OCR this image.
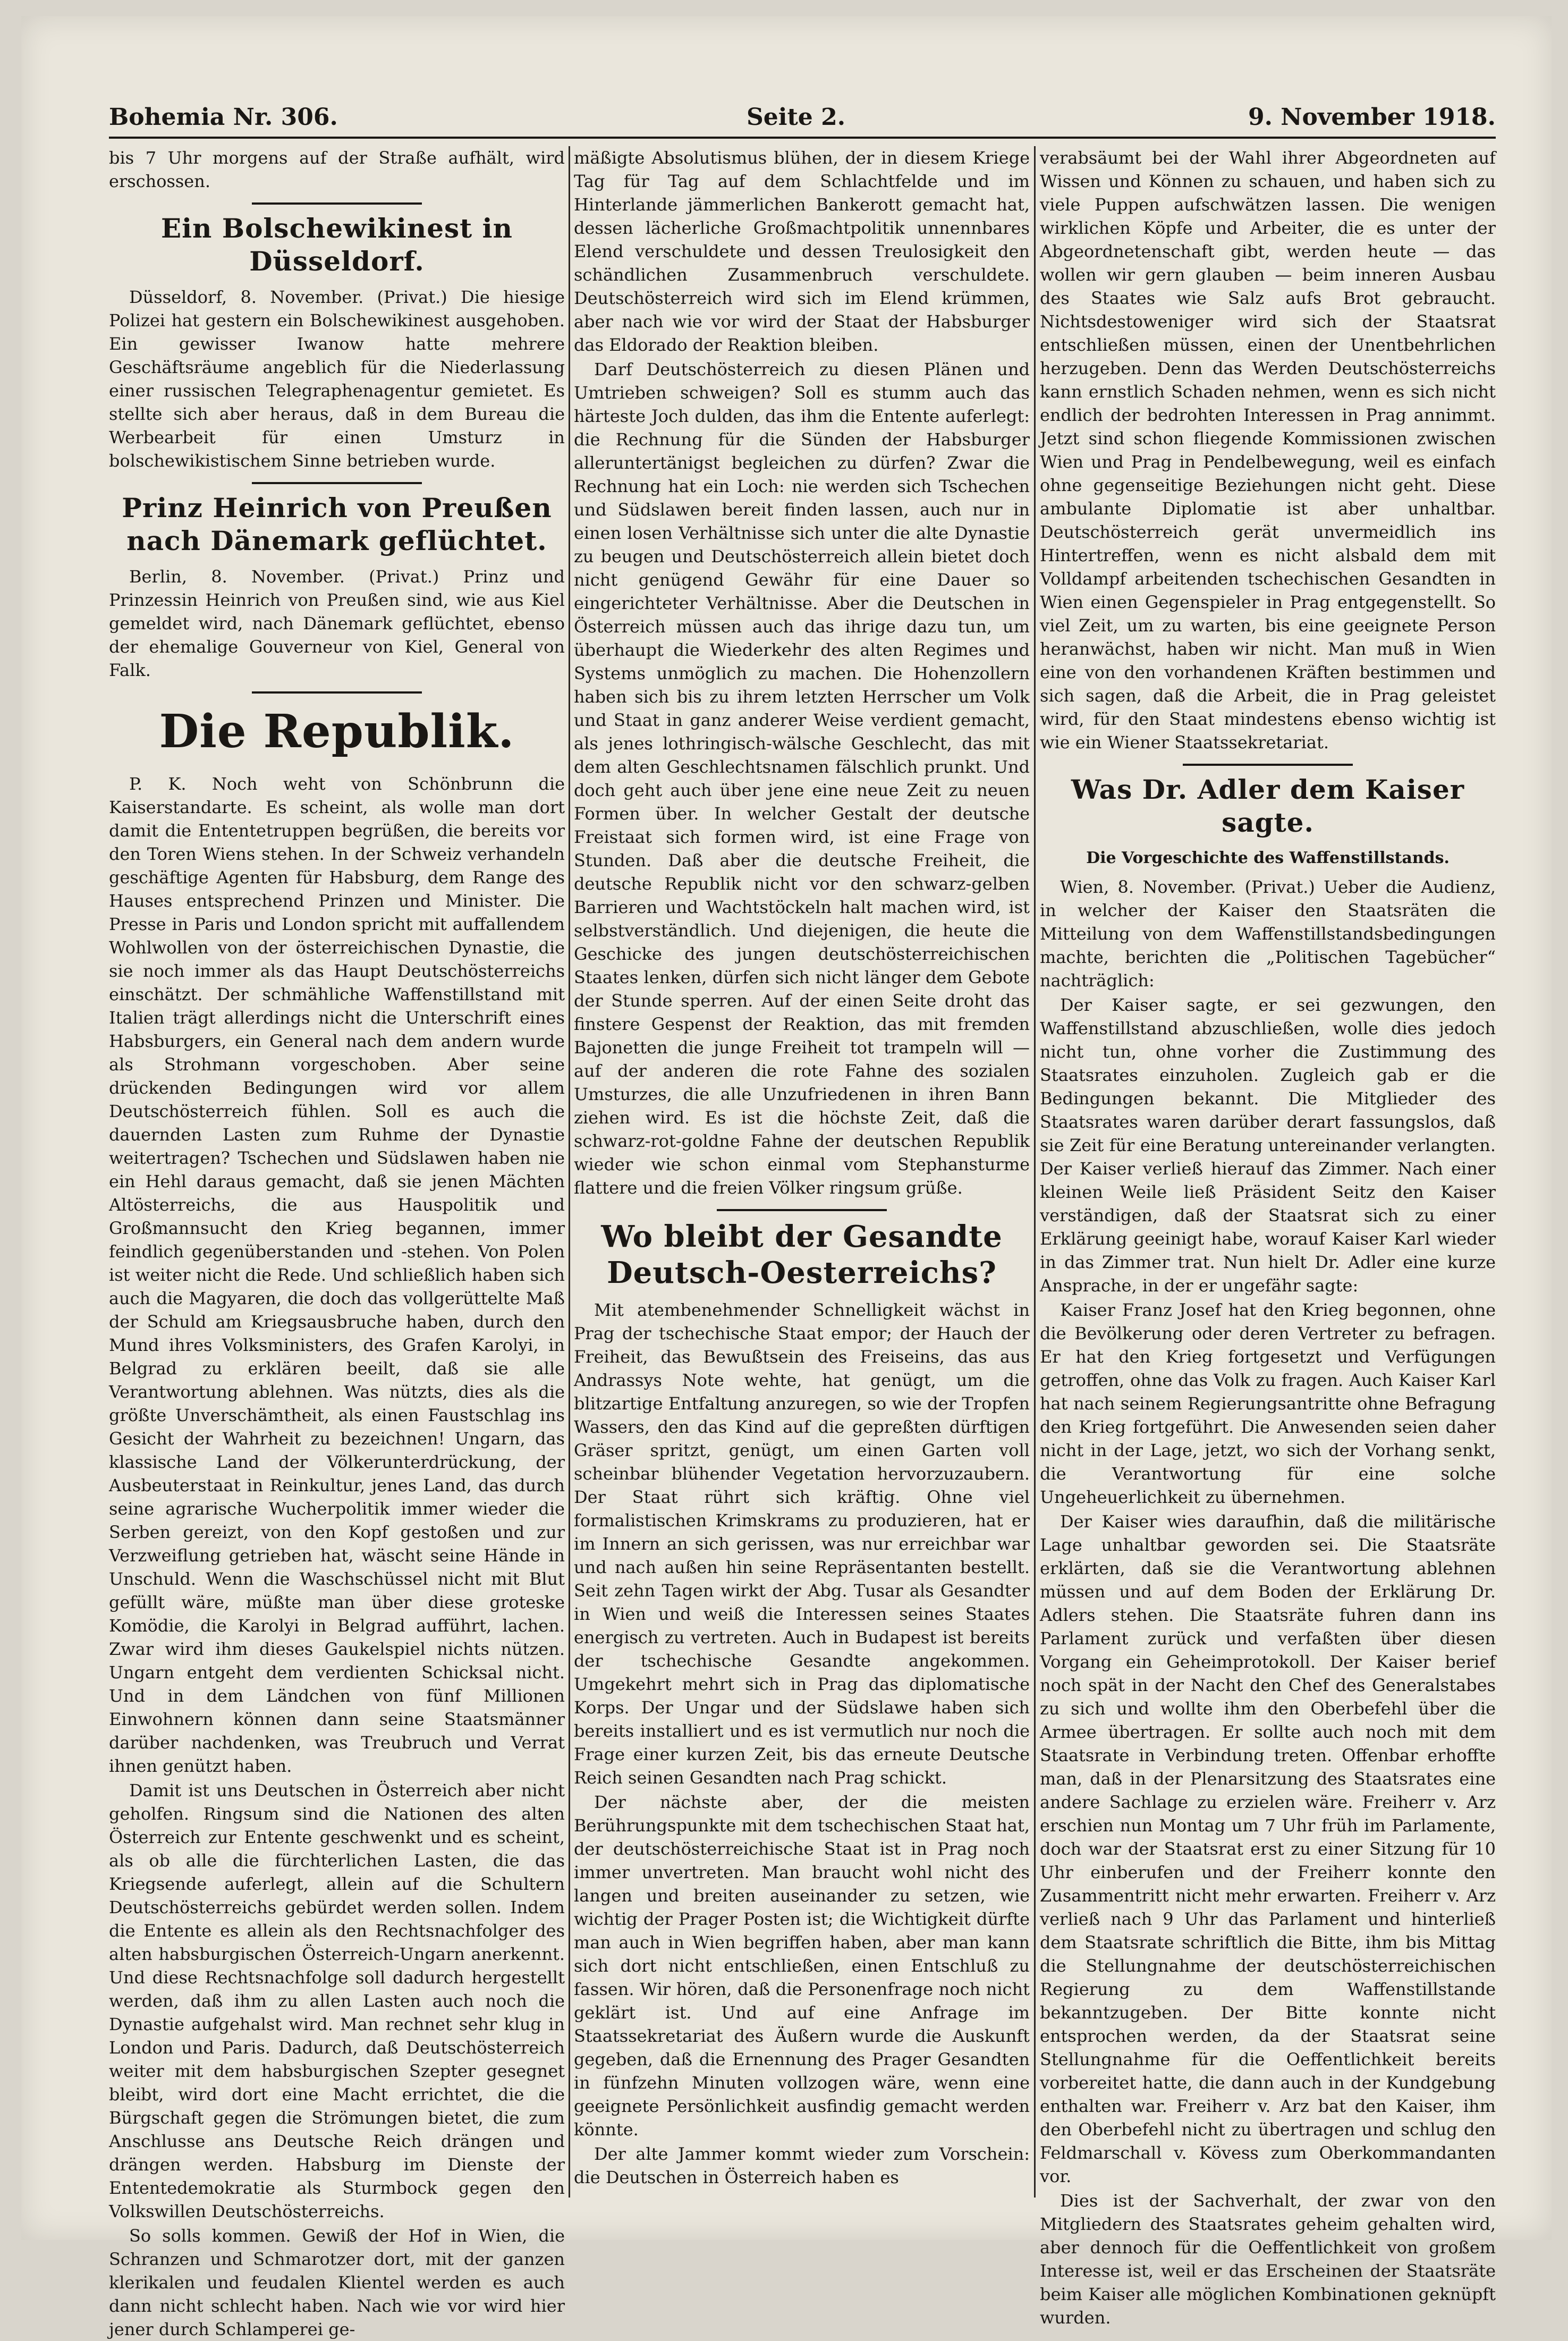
Bohemia Nr. 306.	Seite 2.	9. November 1918.

bis 7 Uhr morgens auf der Straße aufhält, wird erschossen.

Ein Bolschewikinest in Düsseldorf.

Düsseldorf, 8. November. (Privat.) Die hiesige Polizei hat gestern ein Bolschewikinest ausgehoben. Ein gewisser Iwanow hatte mehrere Geschäftsräume angeblich für die Niederlassung einer russischen Telegraphenagentur gemietet. Es stellte sich aber heraus, daß in dem Bureau die Werbearbeit für einen Umsturz in bolschewikistischem Sinne betrieben wurde.

Prinz Heinrich von Preußen nach Dänemark geflüchtet.

Berlin, 8. November. (Privat.) Prinz und Prinzessin Heinrich von Preußen sind, wie aus Kiel gemeldet wird, nach Dänemark geflüchtet, ebenso der ehemalige Gouverneur von Kiel, General von Falk.

Die Republik.

P. K. Noch weht von Schönbrunn die Kaiserstandarte. Es scheint, als wolle man dort damit die Ententetruppen begrüßen, die bereits vor den Toren Wiens stehen. In der Schweiz verhandeln geschäftige Agenten für Habsburg, dem Range des Hauses entsprechend Prinzen und Minister. Die Presse in Paris und London spricht mit auffallendem Wohlwollen von der österreichischen Dynastie, die sie noch immer als das Haupt Deutschösterreichs einschätzt. Der schmähliche Waffenstillstand mit Italien trägt allerdings nicht die Unterschrift eines Habsburgers, ein General nach dem andern wurde als Strohmann vorgeschoben. Aber seine drückenden Bedingungen wird vor allem Deutschösterreich fühlen. Soll es auch die dauernden Lasten zum Ruhme der Dynastie weitertragen? Tschechen und Südslawen haben nie ein Hehl daraus gemacht, daß sie jenen Mächten Altösterreichs, die aus Hauspolitik und Großmannsucht den Krieg begannen, immer feindlich gegenüberstanden und -stehen. Von Polen ist weiter nicht die Rede. Und schließlich haben sich auch die Magyaren, die doch das vollgerüttelte Maß der Schuld am Kriegsausbruche haben, durch den Mund ihres Volksministers, des Grafen Karolyi, in Belgrad zu erklären beeilt, daß sie alle Verantwortung ablehnen. Was nützts, dies als die größte Unverschämtheit, als einen Faustschlag ins Gesicht der Wahrheit zu bezeichnen! Ungarn, das klassische Land der Völkerunterdrückung, der Ausbeuterstaat in Reinkultur, jenes Land, das durch seine agrarische Wucherpolitik immer wieder die Serben gereizt, von den Kopf gestoßen und zur Verzweiflung getrieben hat, wäscht seine Hände in Unschuld. Wenn die Waschschüssel nicht mit Blut gefüllt wäre, müßte man über diese groteske Komödie, die Karolyi in Belgrad aufführt, lachen. Zwar wird ihm dieses Gaukelspiel nichts nützen. Ungarn entgeht dem verdienten Schicksal nicht. Und in dem Ländchen von fünf Millionen Einwohnern können dann seine Staatsmänner darüber nachdenken, was Treubruch und Verrat ihnen genützt haben.

Damit ist uns Deutschen in Österreich aber nicht geholfen. Ringsum sind die Nationen des alten Österreich zur Entente geschwenkt und es scheint, als ob alle die fürchterlichen Lasten, die das Kriegsende auferlegt, allein auf die Schultern Deutschösterreichs gebürdet werden sollen. Indem die Entente es allein als den Rechtsnachfolger des alten habsburgischen Österreich-Ungarn anerkennt. Und diese Rechtsnachfolge soll dadurch hergestellt werden, daß ihm zu allen Lasten auch noch die Dynastie aufgehalst wird. Man rechnet sehr klug in London und Paris. Dadurch, daß Deutschösterreich weiter mit dem habsburgischen Szepter gesegnet bleibt, wird dort eine Macht errichtet, die die Bürgschaft gegen die Strömungen bietet, die zum Anschlusse ans Deutsche Reich drängen und drängen werden. Habsburg im Dienste der Ententedemokratie als Sturmbock gegen den Volkswillen Deutschösterreichs.

So solls kommen. Gewiß der Hof in Wien, die Schranzen und Schmarotzer dort, mit der ganzen klerikalen und feudalen Klientel werden es auch dann nicht schlecht haben. Nach wie vor wird hier jener durch Schlamperei ge-

mäßigte Absolutismus blühen, der in diesem Kriege Tag für Tag auf dem Schlachtfelde und im Hinterlande jämmerlichen Bankerott gemacht hat, dessen lächerliche Großmachtpolitik unnennbares Elend verschuldete und dessen Treulosigkeit den schändlichen Zusammenbruch verschuldete. Deutschösterreich wird sich im Elend krümmen, aber nach wie vor wird der Staat der Habsburger das Eldorado der Reaktion bleiben.

Darf Deutschösterreich zu diesen Plänen und Umtrieben schweigen? Soll es stumm auch das härteste Joch dulden, das ihm die Entente auferlegt: die Rechnung für die Sünden der Habsburger alleruntertänigst begleichen zu dürfen? Zwar die Rechnung hat ein Loch: nie werden sich Tschechen und Südslawen bereit finden lassen, auch nur in einen losen Verhältnisse sich unter die alte Dynastie zu beugen und Deutschösterreich allein bietet doch nicht genügend Gewähr für eine Dauer so eingerichteter Verhältnisse. Aber die Deutschen in Österreich müssen auch das ihrige dazu tun, um überhaupt die Wiederkehr des alten Regimes und Systems unmöglich zu machen. Die Hohenzollern haben sich bis zu ihrem letzten Herrscher um Volk und Staat in ganz anderer Weise verdient gemacht, als jenes lothringisch-wälsche Geschlecht, das mit dem alten Geschlechtsnamen fälschlich prunkt. Und doch geht auch über jene eine neue Zeit zu neuen Formen über. In welcher Gestalt der deutsche Freistaat sich formen wird, ist eine Frage von Stunden. Daß aber die deutsche Freiheit, die deutsche Republik nicht vor den schwarz-gelben Barrieren und Wachtstöckeln halt machen wird, ist selbstverständlich. Und diejenigen, die heute die Geschicke des jungen deutschösterreichischen Staates lenken, dürfen sich nicht länger dem Gebote der Stunde sperren. Auf der einen Seite droht das finstere Gespenst der Reaktion, das mit fremden Bajonetten die junge Freiheit tot trampeln will — auf der anderen die rote Fahne des sozialen Umsturzes, die alle Unzufriedenen in ihren Bann ziehen wird. Es ist die höchste Zeit, daß die schwarz-rot-goldne Fahne der deutschen Republik wieder wie schon einmal vom Stephansturme flattere und die freien Völker ringsum grüße.

Wo bleibt der Gesandte Deutsch-Oesterreichs?

Mit atembenehmender Schnelligkeit wächst in Prag der tschechische Staat empor; der Hauch der Freiheit, das Bewußtsein des Freiseins, das aus Andrassys Note wehte, hat genügt, um die blitzartige Entfaltung anzuregen, so wie der Tropfen Wassers, den das Kind auf die gepreßten dürftigen Gräser spritzt, genügt, um einen Garten voll scheinbar blühender Vegetation hervorzuzaubern. Der Staat rührt sich kräftig. Ohne viel formalistischen Krimskrams zu produzieren, hat er im Innern an sich gerissen, was nur erreichbar war und nach außen hin seine Repräsentanten bestellt. Seit zehn Tagen wirkt der Abg. Tusar als Gesandter in Wien und weiß die Interessen seines Staates energisch zu vertreten. Auch in Budapest ist bereits der tschechische Gesandte angekommen. Umgekehrt mehrt sich in Prag das diplomatische Korps. Der Ungar und der Südslawe haben sich bereits installiert und es ist vermutlich nur noch die Frage einer kurzen Zeit, bis das erneute Deutsche Reich seinen Gesandten nach Prag schickt.

Der nächste aber, der die meisten Berührungspunkte mit dem tschechischen Staat hat, der deutschösterreichische Staat ist in Prag noch immer unvertreten. Man braucht wohl nicht des langen und breiten auseinander zu setzen, wie wichtig der Prager Posten ist; die Wichtigkeit dürfte man auch in Wien begriffen haben, aber man kann sich dort nicht entschließen, einen Entschluß zu fassen. Wir hören, daß die Personenfrage noch nicht geklärt ist. Und auf eine Anfrage im Staatssekretariat des Äußern wurde die Auskunft gegeben, daß die Ernennung des Prager Gesandten in fünfzehn Minuten vollzogen wäre, wenn eine geeignete Persönlichkeit ausfindig gemacht werden könnte.

Der alte Jammer kommt wieder zum Vorschein: die Deutschen in Österreich haben es

verabsäumt bei der Wahl ihrer Abgeordneten auf Wissen und Können zu schauen, und haben sich zu viele Puppen aufschwätzen lassen. Die wenigen wirklichen Köpfe und Arbeiter, die es unter der Abgeordnetenschaft gibt, werden heute — das wollen wir gern glauben — beim inneren Ausbau des Staates wie Salz aufs Brot gebraucht. Nichtsdestoweniger wird sich der Staatsrat entschließen müssen, einen der Unentbehrlichen herzugeben. Denn das Werden Deutschösterreichs kann ernstlich Schaden nehmen, wenn es sich nicht endlich der bedrohten Interessen in Prag annimmt. Jetzt sind schon fliegende Kommissionen zwischen Wien und Prag in Pendelbewegung, weil es einfach ohne gegenseitige Beziehungen nicht geht. Diese ambulante Diplomatie ist aber unhaltbar. Deutschösterreich gerät unvermeidlich ins Hintertreffen, wenn es nicht alsbald dem mit Volldampf arbeitenden tschechischen Gesandten in Wien einen Gegenspieler in Prag entgegenstellt. So viel Zeit, um zu warten, bis eine geeignete Person heranwächst, haben wir nicht. Man muß in Wien eine von den vorhandenen Kräften bestimmen und sich sagen, daß die Arbeit, die in Prag geleistet wird, für den Staat mindestens ebenso wichtig ist wie ein Wiener Staatssekretariat.

Was Dr. Adler dem Kaiser sagte.
Die Vorgeschichte des Waffenstillstands.

Wien, 8. November. (Privat.) Ueber die Audienz, in welcher der Kaiser den Staatsräten die Mitteilung von dem Waffenstillstandsbedingungen machte, berichten die „Politischen Tagebücher“ nachträglich:

Der Kaiser sagte, er sei gezwungen, den Waffenstillstand abzuschließen, wolle dies jedoch nicht tun, ohne vorher die Zustimmung des Staatsrates einzuholen. Zugleich gab er die Bedingungen bekannt. Die Mitglieder des Staatsrates waren darüber derart fassungslos, daß sie Zeit für eine Beratung untereinander verlangten. Der Kaiser verließ hierauf das Zimmer. Nach einer kleinen Weile ließ Präsident Seitz den Kaiser verständigen, daß der Staatsrat sich zu einer Erklärung geeinigt habe, worauf Kaiser Karl wieder in das Zimmer trat. Nun hielt Dr. Adler eine kurze Ansprache, in der er ungefähr sagte:

Kaiser Franz Josef hat den Krieg begonnen, ohne die Bevölkerung oder deren Vertreter zu befragen. Er hat den Krieg fortgesetzt und Verfügungen getroffen, ohne das Volk zu fragen. Auch Kaiser Karl hat nach seinem Regierungsantritte ohne Befragung den Krieg fortgeführt. Die Anwesenden seien daher nicht in der Lage, jetzt, wo sich der Vorhang senkt, die Verantwortung für eine solche Ungeheuerlichkeit zu übernehmen.

Der Kaiser wies daraufhin, daß die militärische Lage unhaltbar geworden sei. Die Staatsräte erklärten, daß sie die Verantwortung ablehnen müssen und auf dem Boden der Erklärung Dr. Adlers stehen. Die Staatsräte fuhren dann ins Parlament zurück und verfaßten über diesen Vorgang ein Geheimprotokoll. Der Kaiser berief noch spät in der Nacht den Chef des Generalstabes zu sich und wollte ihm den Oberbefehl über die Armee übertragen. Er sollte auch noch mit dem Staatsrate in Verbindung treten. Offenbar erhoffte man, daß in der Plenarsitzung des Staatsrates eine andere Sachlage zu erzielen wäre. Freiherr v. Arz erschien nun Montag um 7 Uhr früh im Parlamente, doch war der Staatsrat erst zu einer Sitzung für 10 Uhr einberufen und der Freiherr konnte den Zusammentritt nicht mehr erwarten. Freiherr v. Arz verließ nach 9 Uhr das Parlament und hinterließ dem Staatsrate schriftlich die Bitte, ihm bis Mittag die Stellungnahme der deutschösterreichischen Regierung zu dem Waffenstillstande bekanntzugeben. Der Bitte konnte nicht entsprochen werden, da der Staatsrat seine Stellungnahme für die Oeffentlichkeit bereits vorbereitet hatte, die dann auch in der Kundgebung enthalten war. Freiherr v. Arz bat den Kaiser, ihm den Oberbefehl nicht zu übertragen und schlug den Feldmarschall v. Kövess zum Oberkommandanten vor.

Dies ist der Sachverhalt, der zwar von den Mitgliedern des Staatsrates geheim gehalten wird, aber dennoch für die Oeffentlichkeit von großem Interesse ist, weil er das Erscheinen der Staatsräte beim Kaiser alle möglichen Kombinationen geknüpft wurden.
